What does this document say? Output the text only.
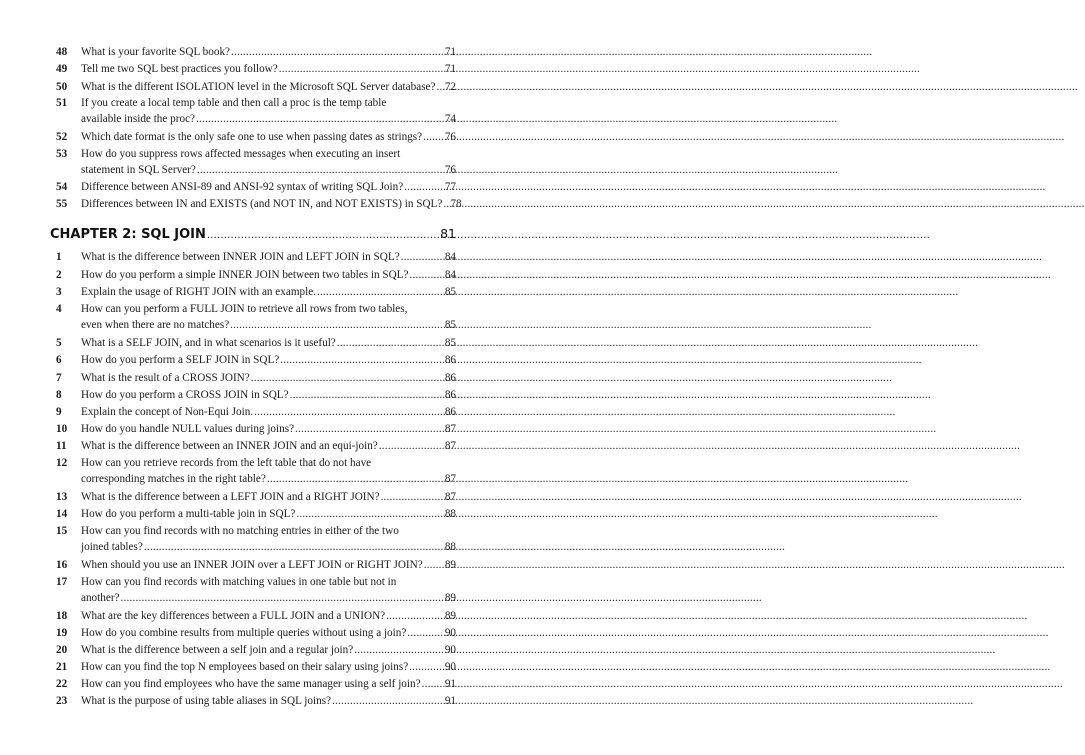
48	What is your favorite SQL book? .....	71
49	Tell me two SQL best practices you follow? .....	71
50	What is the different ISOLATION level in the Microsoft SQL Server database? ..... 72
51	If you create a local temp table and then call a proc is the temp table
available inside the proc? .....	74
52	Which date format is the only safe one to use when passing dates as strings? ..... 76
53	How do you suppress rows affected messages when executing an insert
statement in SQL Server? .....	76
54	Difference between ANSI-89 and ANSI-92 syntax of writing SQL Join? .....	77
55	Differences between IN and EXISTS (and NOT IN, and NOT EXISTS) in SQL? ..... 78
CHAPTER 2: SQL JOIN .....	81
1	What is the difference between INNER JOIN and LEFT JOIN in SQL? .....	84
2	How do you perform a simple INNER JOIN between two tables in SQL? .....	84
3	Explain the usage of RIGHT JOIN with an example. .....	85
4	How can you perform a FULL JOIN to retrieve all rows from two tables,
even when there are no matches? .....	85
5	What is a SELF JOIN, and in what scenarios is it useful? .....	85
6	How do you perform a SELF JOIN in SQL? .....	86
7	What is the result of a CROSS JOIN? .....	86
8	How do you perform a CROSS JOIN in SQL? .....	86
9	Explain the concept of Non-Equi Join. .....	86
10	How do you handle NULL values during joins? .....	87
11	What is the difference between an INNER JOIN and an equi-join? .....	87
12	How can you retrieve records from the left table that do not have
corresponding matches in the right table? .....	87
13	What is the difference between a LEFT JOIN and a RIGHT JOIN? .....	87
14	How do you perform a multi-table join in SQL? .....	88
15	How can you find records with no matching entries in either of the two
joined tables? .....	88
16	When should you use an INNER JOIN over a LEFT JOIN or RIGHT JOIN? ..... 89
17	How can you find records with matching values in one table but not in
another? .....	89
18	What are the key differences between a FULL JOIN and a UNION? .....	89
19	How do you combine results from multiple queries without using a join? .....	90
20	What is the difference between a self join and a regular join? .....	90
21	How can you find the top N employees based on their salary using joins? .....	90
22	How can you find employees who have the same manager using a self join? ..... 91
23	What is the purpose of using table aliases in SQL joins? .....	91
